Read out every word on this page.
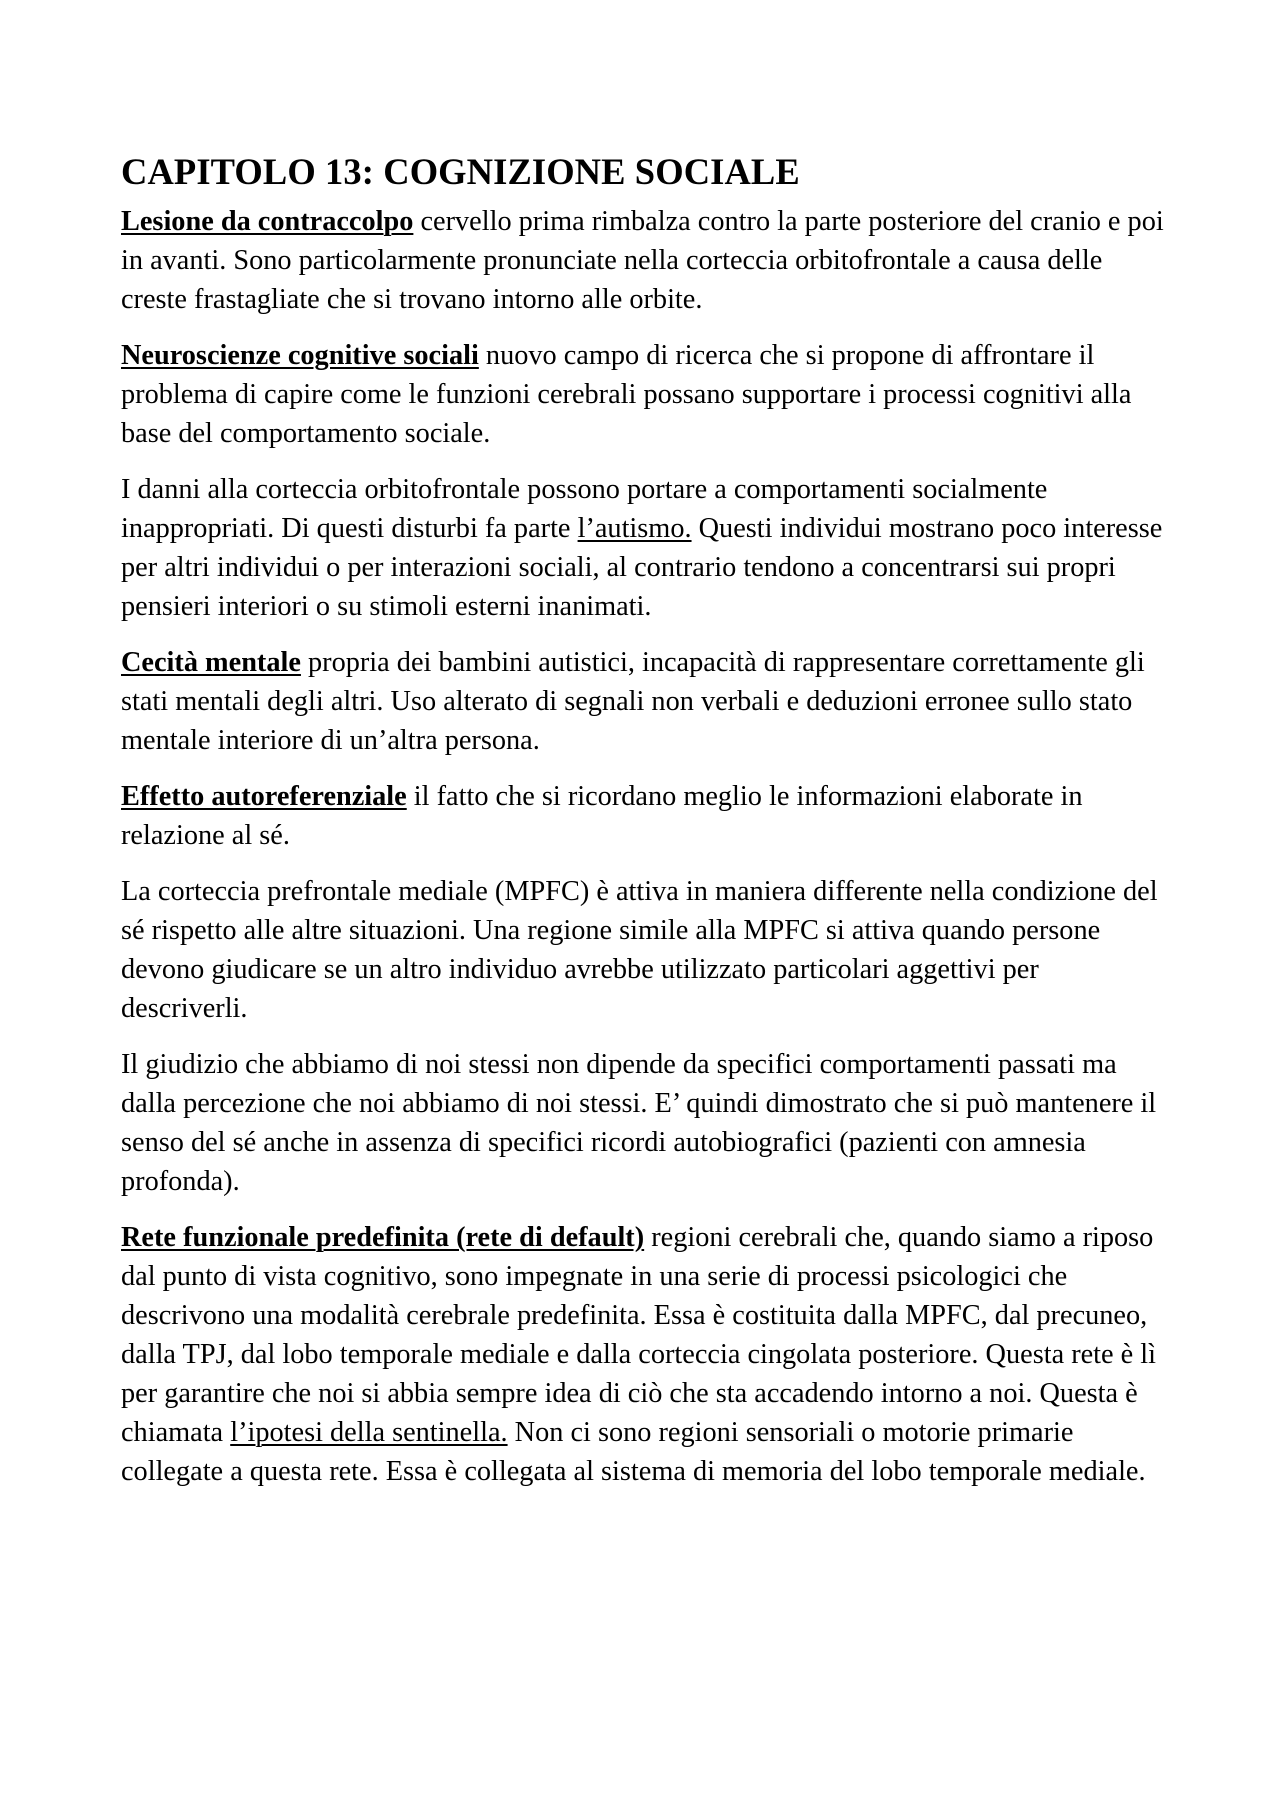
CAPITOLO 13: COGNIZIONE SOCIALE

Lesione da contraccolpo cervello prima rimbalza contro la parte posteriore del cranio e poi in avanti. Sono particolarmente pronunciate nella corteccia orbitofrontale a causa delle creste frastagliate che si trovano intorno alle orbite.

Neuroscienze cognitive sociali nuovo campo di ricerca che si propone di affrontare il problema di capire come le funzioni cerebrali possano supportare i processi cognitivi alla base del comportamento sociale.

I danni alla corteccia orbitofrontale possono portare a comportamenti socialmente inappropriati. Di questi disturbi fa parte l’autismo. Questi individui mostrano poco interesse per altri individui o per interazioni sociali, al contrario tendono a concentrarsi sui propri pensieri interiori o su stimoli esterni inanimati.

Cecità mentale propria dei bambini autistici, incapacità di rappresentare correttamente gli stati mentali degli altri. Uso alterato di segnali non verbali e deduzioni erronee sullo stato mentale interiore di un’altra persona.

Effetto autoreferenziale il fatto che si ricordano meglio le informazioni elaborate in relazione al sé.

La corteccia prefrontale mediale (MPFC) è attiva in maniera differente nella condizione del sé rispetto alle altre situazioni. Una regione simile alla MPFC si attiva quando persone devono giudicare se un altro individuo avrebbe utilizzato particolari aggettivi per descriverli.

Il giudizio che abbiamo di noi stessi non dipende da specifici comportamenti passati ma dalla percezione che noi abbiamo di noi stessi. E’ quindi dimostrato che si può mantenere il senso del sé anche in assenza di specifici ricordi autobiografici (pazienti con amnesia profonda).

Rete funzionale predefinita (rete di default) regioni cerebrali che, quando siamo a riposo dal punto di vista cognitivo, sono impegnate in una serie di processi psicologici che descrivono una modalità cerebrale predefinita. Essa è costituita dalla MPFC, dal precuneo, dalla TPJ, dal lobo temporale mediale e dalla corteccia cingolata posteriore. Questa rete è lì per garantire che noi si abbia sempre idea di ciò che sta accadendo intorno a noi. Questa è chiamata l’ipotesi della sentinella. Non ci sono regioni sensoriali o motorie primarie collegate a questa rete. Essa è collegata al sistema di memoria del lobo temporale mediale.
